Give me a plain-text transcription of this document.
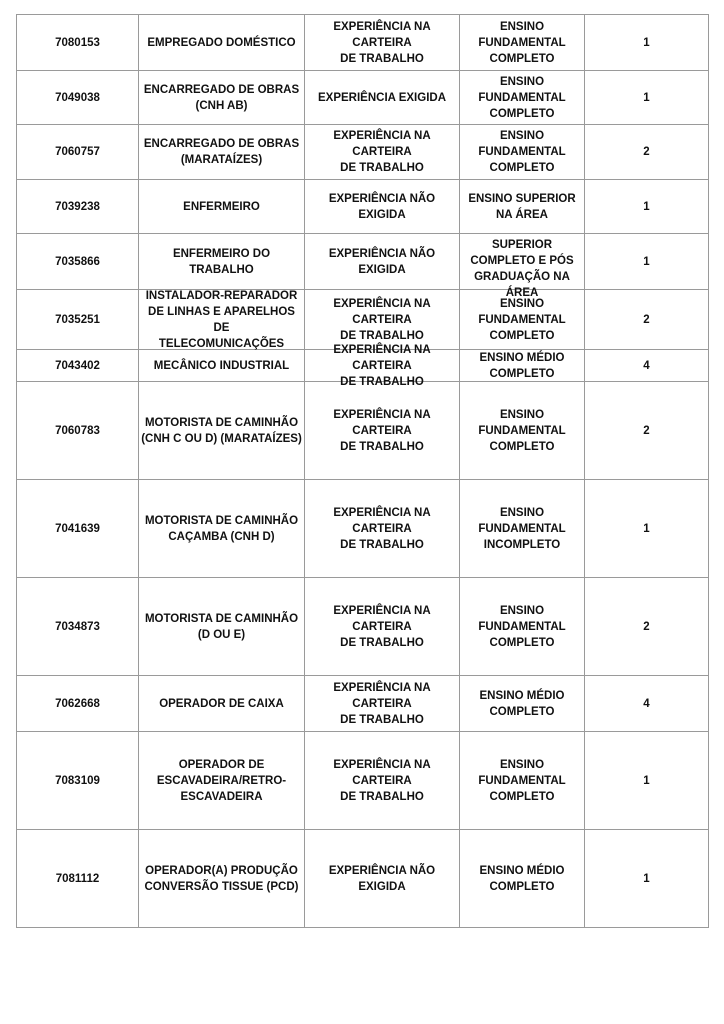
7080153	EMPREGADO DOMÉSTICO	EXPERIÊNCIA NA CARTEIRA
DE TRABALHO	ENSINO
FUNDAMENTAL
COMPLETO	1

7049038	ENCARREGADO DE OBRAS
(CNH AB)	EXPERIÊNCIA EXIGIDA	ENSINO
FUNDAMENTAL
COMPLETO	1

7060757	ENCARREGADO DE OBRAS
(MARATAÍZES)	EXPERIÊNCIA NA CARTEIRA
DE TRABALHO	ENSINO
FUNDAMENTAL
COMPLETO	2

7039238	ENFERMEIRO	EXPERIÊNCIA NÃO EXIGIDA	ENSINO SUPERIOR
NA ÁREA	1

7035866	ENFERMEIRO DO TRABALHO	EXPERIÊNCIA NÃO EXIGIDA	SUPERIOR
COMPLETO E PÓS
GRADUAÇÃO NA
ÁREA	1

7035251	INSTALADOR-REPARADOR
DE LINHAS E APARELHOS DE
TELECOMUNICAÇÕES	EXPERIÊNCIA NA CARTEIRA
DE TRABALHO	ENSINO
FUNDAMENTAL
COMPLETO	2

7043402	MECÂNICO INDUSTRIAL	EXPERIÊNCIA NA CARTEIRA
DE TRABALHO	ENSINO MÉDIO
COMPLETO	4

7060783	MOTORISTA DE CAMINHÃO
(CNH C OU D) (MARATAÍZES)	EXPERIÊNCIA NA CARTEIRA
DE TRABALHO	ENSINO
FUNDAMENTAL
COMPLETO	2

7041639	MOTORISTA DE CAMINHÃO
CAÇAMBA (CNH D)	EXPERIÊNCIA NA CARTEIRA
DE TRABALHO	ENSINO
FUNDAMENTAL
INCOMPLETO	1

7034873	MOTORISTA DE CAMINHÃO
(D OU E)	EXPERIÊNCIA NA CARTEIRA
DE TRABALHO	ENSINO
FUNDAMENTAL
COMPLETO	2

7062668	OPERADOR DE CAIXA	EXPERIÊNCIA NA CARTEIRA
DE TRABALHO	ENSINO MÉDIO
COMPLETO	4

7083109	OPERADOR DE
ESCAVADEIRA/RETRO-
ESCAVADEIRA	EXPERIÊNCIA NA CARTEIRA
DE TRABALHO	ENSINO
FUNDAMENTAL
COMPLETO	1

7081112	OPERADOR(A) PRODUÇÃO
CONVERSÃO TISSUE (PCD)	EXPERIÊNCIA NÃO EXIGIDA	ENSINO MÉDIO
COMPLETO	1
